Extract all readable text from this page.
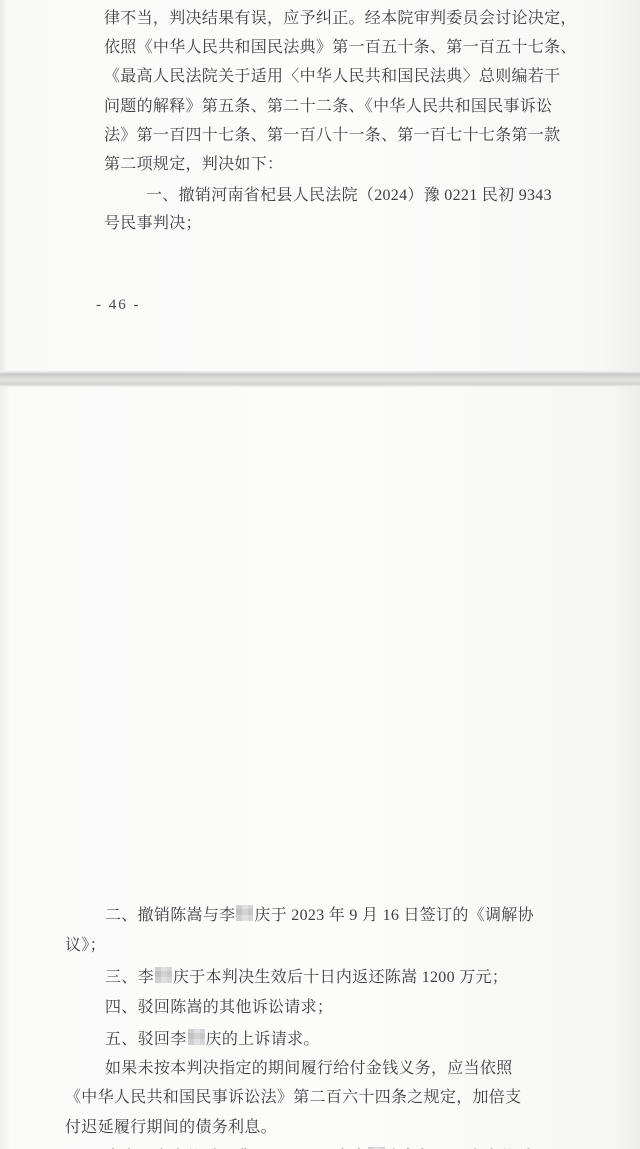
律不当，判决结果有误，应予纠正。经本院审判委员会讨论决定，
依照《中华人民共和国民法典》第一百五十条、第一百五十七条、
《最高人民法院关于适用〈中华人民共和国民法典〉总则编若干
问题的解释》第五条、第二十二条、《中华人民共和国民事诉讼
法》第一百四十七条、第一百八十一条、第一百七十七条第一款
第二项规定，判决如下：
一、撤销河南省杞县人民法院（2024）豫 0221 民初 9343
号民事判决；
- 46 -
二、撤销陈嵩与李 庆于 2023 年 9 月 16 日签订的《调解协
议》；
三、李 庆于本判决生效后十日内返还陈嵩 1200 万元；
四、驳回陈嵩的其他诉讼请求；
五、驳回李 庆的上诉请求。
如果未按本判决指定的期间履行给付金钱义务，应当依照
《中华人民共和国民事诉讼法》第二百六十四条之规定，加倍支
付迟延履行期间的债务利息。
